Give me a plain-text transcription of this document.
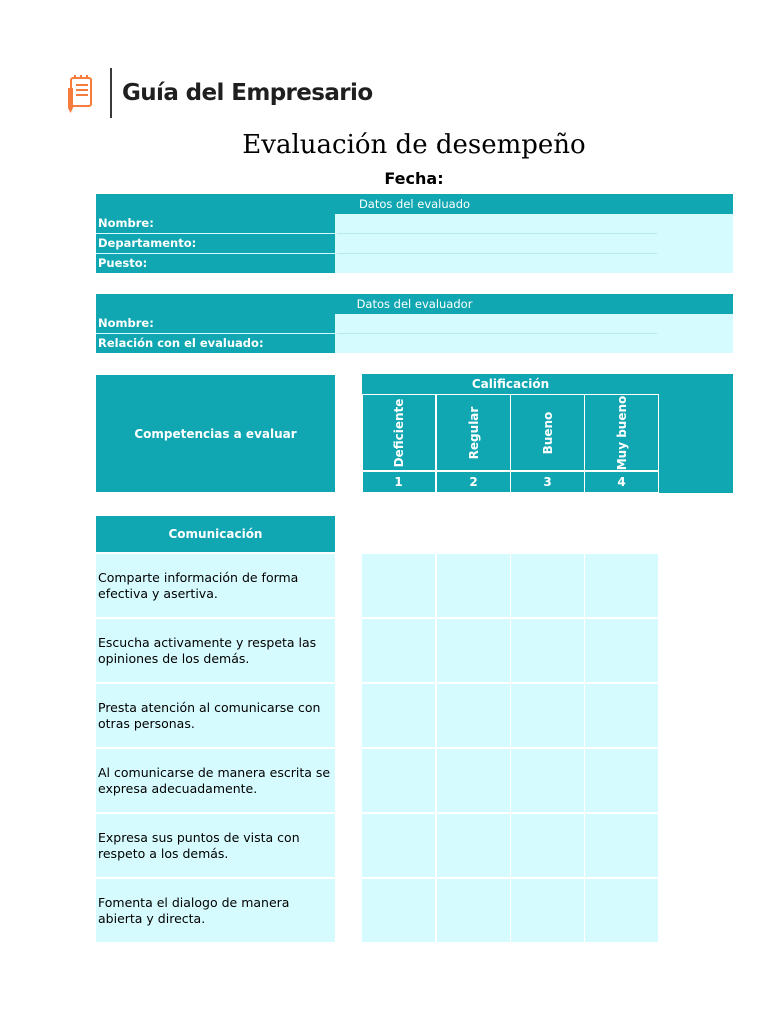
Guía del Empresario
Evaluación de desempeño
Fecha:
Datos del evaluado
Nombre:
Departamento:
Puesto:
Datos del evaluador
Nombre:
Relación con el evaluado:
Competencias a evaluar
Calificación
Deficiente	Regular	Bueno	Muy bueno
1	2	3	4
Comunicación
Comparte información de forma efectiva y asertiva.
Escucha activamente y respeta las opiniones de los demás.
Presta atención al comunicarse con otras personas.
Al comunicarse de manera escrita se expresa adecuadamente.
Expresa sus puntos de vista con respeto a los demás.
Fomenta el dialogo de manera abierta y directa.
